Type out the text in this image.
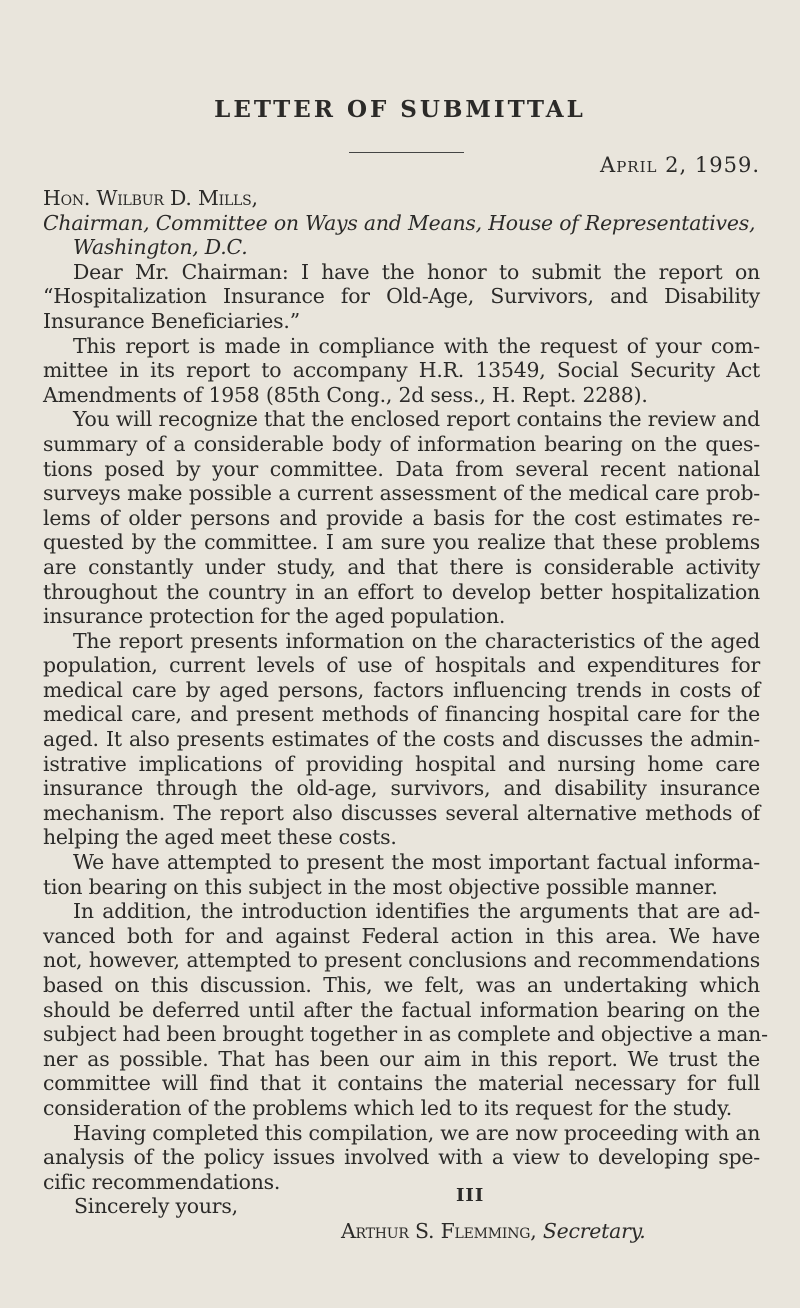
LETTER OF SUBMITTAL
April 2, 1959.
Hon. Wilbur D. Mills,
Chairman, Committee on Ways and Means, House of Representatives,
Washington, D.C.
Dear Mr. Chairman: I have the honor to submit the report on
“Hospitalization Insurance for Old-Age, Survivors, and Disability
Insurance Beneficiaries.”
This report is made in compliance with the request of your com-
mittee in its report to accompany H.R. 13549, Social Security Act
Amendments of 1958 (85th Cong., 2d sess., H. Rept. 2288).
You will recognize that the enclosed report contains the review and
summary of a considerable body of information bearing on the ques-
tions posed by your committee. Data from several recent national
surveys make possible a current assessment of the medical care prob-
lems of older persons and provide a basis for the cost estimates re-
quested by the committee. I am sure you realize that these problems
are constantly under study, and that there is considerable activity
throughout the country in an effort to develop better hospitalization
insurance protection for the aged population.
The report presents information on the characteristics of the aged
population, current levels of use of hospitals and expenditures for
medical care by aged persons, factors influencing trends in costs of
medical care, and present methods of financing hospital care for the
aged. It also presents estimates of the costs and discusses the admin-
istrative implications of providing hospital and nursing home care
insurance through the old-age, survivors, and disability insurance
mechanism. The report also discusses several alternative methods of
helping the aged meet these costs.
We have attempted to present the most important factual informa-
tion bearing on this subject in the most objective possible manner.
In addition, the introduction identifies the arguments that are ad-
vanced both for and against Federal action in this area. We have
not, however, attempted to present conclusions and recommendations
based on this discussion. This, we felt, was an undertaking which
should be deferred until after the factual information bearing on the
subject had been brought together in as complete and objective a man-
ner as possible. That has been our aim in this report. We trust the
committee will find that it contains the material necessary for full
consideration of the problems which led to its request for the study.
Having completed this compilation, we are now proceeding with an
analysis of the policy issues involved with a view to developing spe-
cific recommendations.
Sincerely yours,
Arthur S. Flemming, Secretary.
III
